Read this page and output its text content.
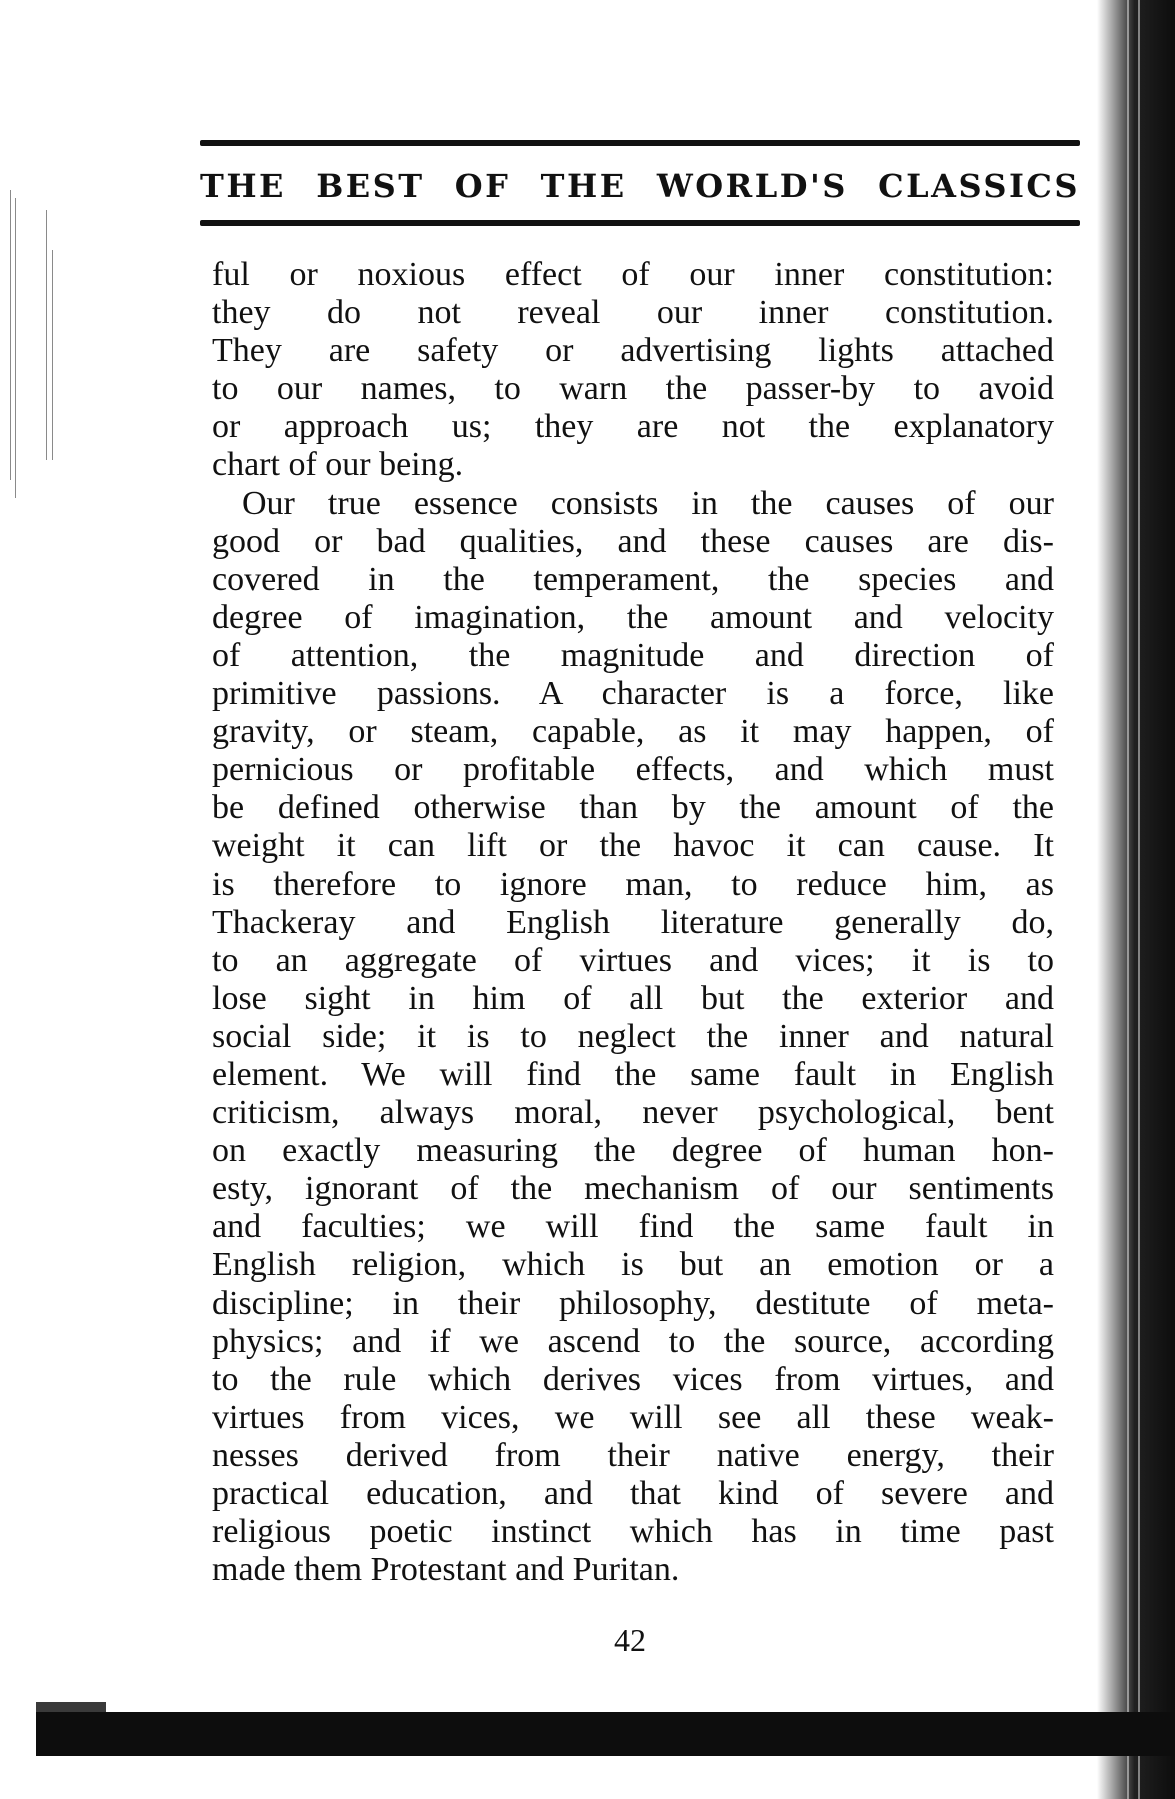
THE BEST OF THE WORLD'S CLASSICS
ful or noxious effect of our inner constitution:
they do not reveal our inner constitution.
They are safety or advertising lights attached
to our names, to warn the passer-by to avoid
or approach us; they are not the explanatory
chart of our being.
Our true essence consists in the causes of our
good or bad qualities, and these causes are dis-
covered in the temperament, the species and
degree of imagination, the amount and velocity
of attention, the magnitude and direction of
primitive passions. A character is a force, like
gravity, or steam, capable, as it may happen, of
pernicious or profitable effects, and which must
be defined otherwise than by the amount of the
weight it can lift or the havoc it can cause. It
is therefore to ignore man, to reduce him, as
Thackeray and English literature generally do,
to an aggregate of virtues and vices; it is to
lose sight in him of all but the exterior and
social side; it is to neglect the inner and natural
element. We will find the same fault in English
criticism, always moral, never psychological, bent
on exactly measuring the degree of human hon-
esty, ignorant of the mechanism of our sentiments
and faculties; we will find the same fault in
English religion, which is but an emotion or a
discipline; in their philosophy, destitute of meta-
physics; and if we ascend to the source, according
to the rule which derives vices from virtues, and
virtues from vices, we will see all these weak-
nesses derived from their native energy, their
practical education, and that kind of severe and
religious poetic instinct which has in time past
made them Protestant and Puritan.
42
